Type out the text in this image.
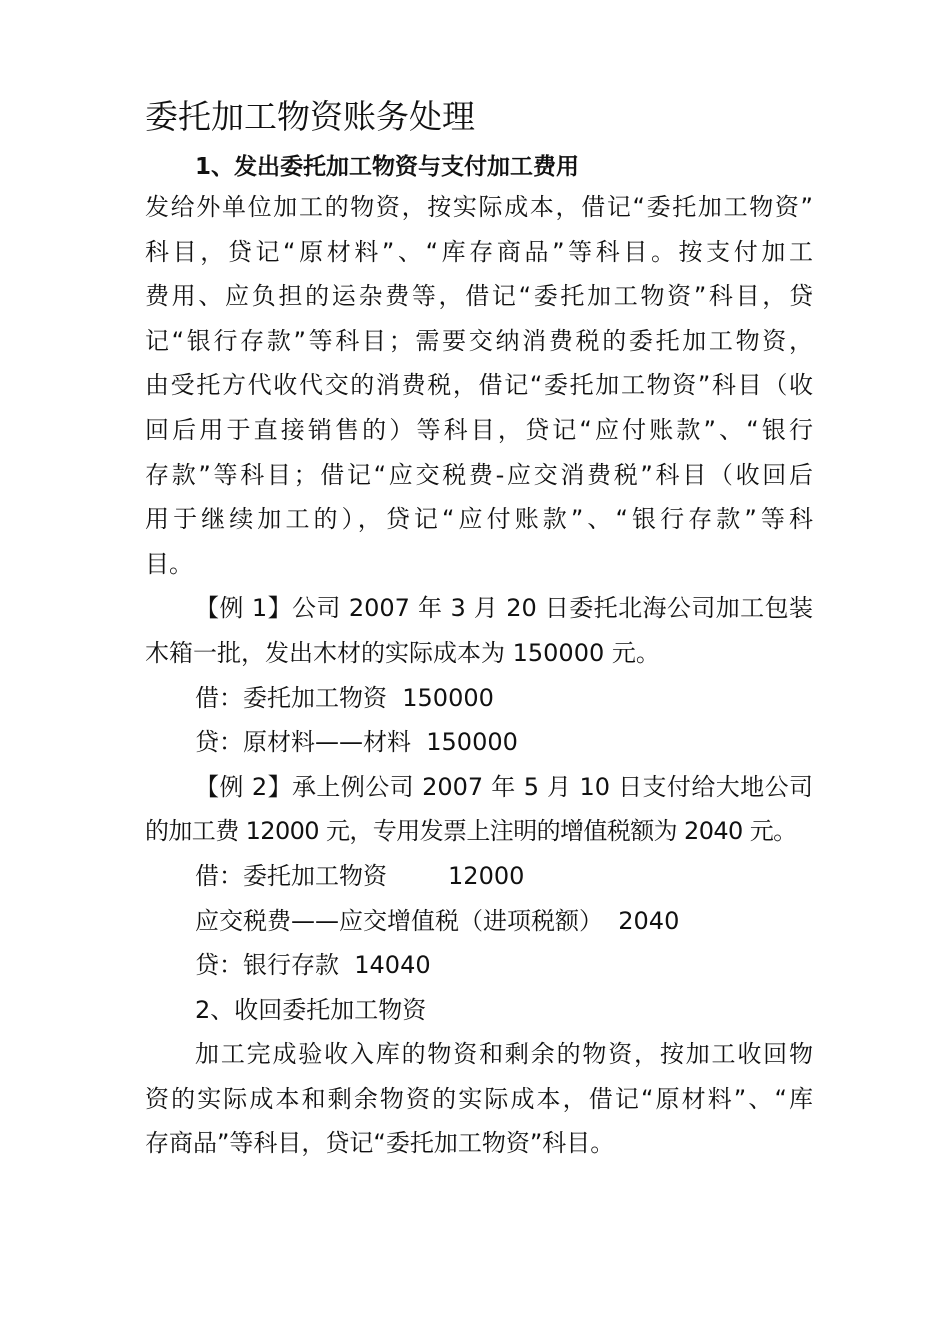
委托加工物资账务处理
1、发出委托加工物资与支付加工费用
发给外单位加工的物资，按实际成本，借记“委托加工物资”
科目，贷记“原材料”、“库存商品”等科目。按支付加工
费用、应负担的运杂费等，借记“委托加工物资”科目，贷
记“银行存款”等科目；需要交纳消费税的委托加工物资，
由受托方代收代交的消费税，借记“委托加工物资”科目（收
回后用于直接销售的）等科目，贷记“应付账款”、“银行
存款”等科目；借记“应交税费-应交消费税”科目（收回后
用于继续加工的），贷记“应付账款”、“银行存款”等科
目。
【例 1】公司 2007 年 3 月 20 日委托北海公司加工包装
木箱一批，发出木材的实际成本为 150000 元。
借：委托加工物资  150000
贷：原材料——材料  150000
【例 2】承上例公司 2007 年 5 月 10 日支付给大地公司
的加工费 12000 元，专用发票上注明的增值税额为 2040 元。
借：委托加工物资        12000
应交税费——应交增值税（进项税额）  2040
贷：银行存款  14040
2、收回委托加工物资
加工完成验收入库的物资和剩余的物资，按加工收回物
资的实际成本和剩余物资的实际成本，借记“原材料”、“库
存商品”等科目，贷记“委托加工物资”科目。
